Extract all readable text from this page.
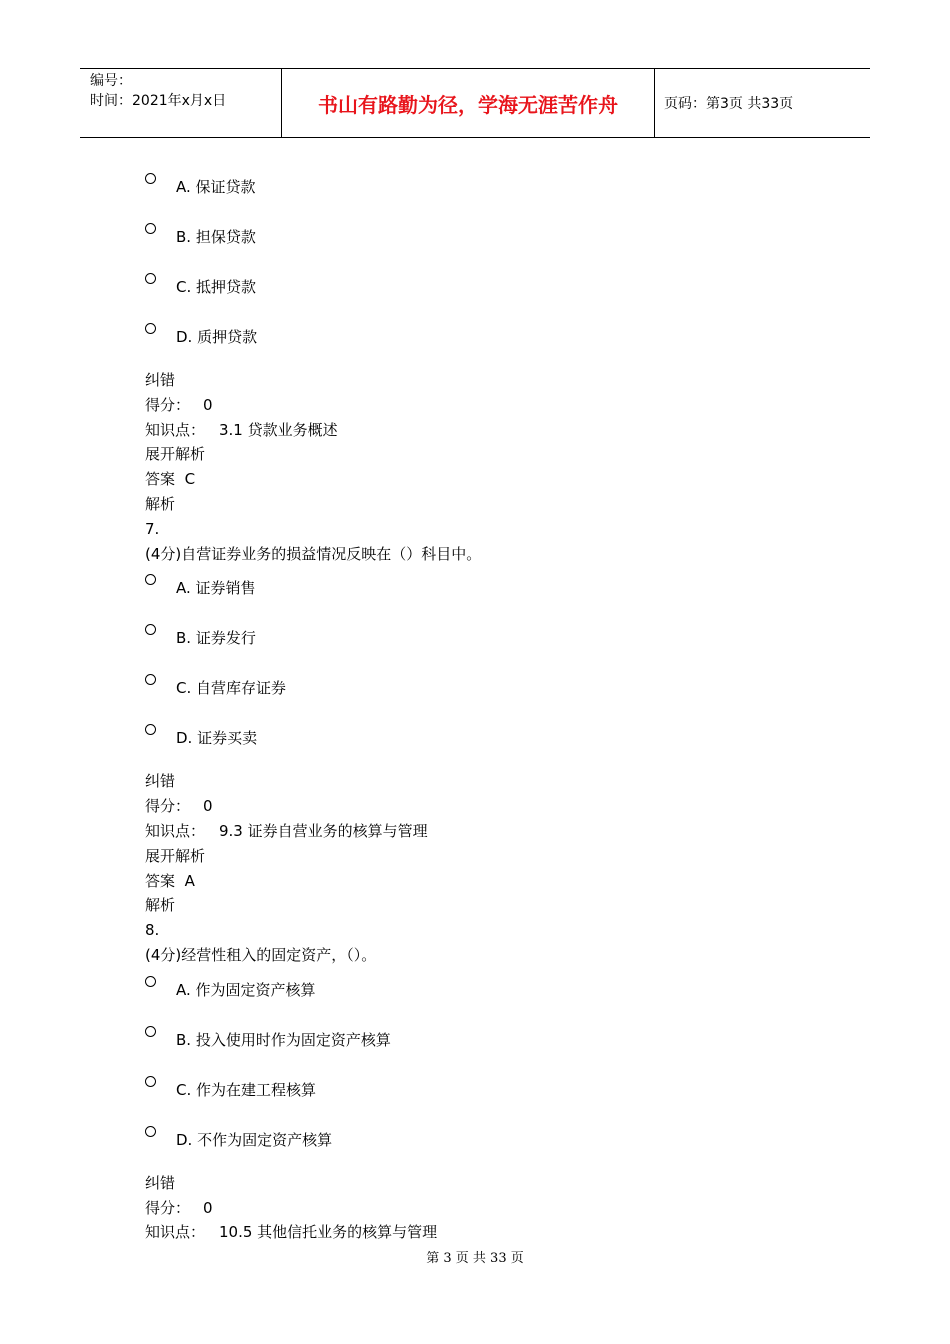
编号：
时间：2021年x月x日	书山有路勤为径，学海无涯苦作舟	页码：第3页 共33页
A. 保证贷款
B. 担保贷款
C. 抵押贷款
D. 质押贷款
纠错
得分： 0
知识点： 3.1 贷款业务概述
展开解析
答案 C
解析
7.
(4分)自营证券业务的损益情况反映在（）科目中。
A. 证券销售
B. 证券发行
C. 自营库存证券
D. 证券买卖
纠错
得分： 0
知识点： 9.3 证券自营业务的核算与管理
展开解析
答案 A
解析
8.
(4分)经营性租入的固定资产，（）。
A. 作为固定资产核算
B. 投入使用时作为固定资产核算
C. 作为在建工程核算
D. 不作为固定资产核算
纠错
得分： 0
知识点： 10.5 其他信托业务的核算与管理
第 3 页 共 33 页
